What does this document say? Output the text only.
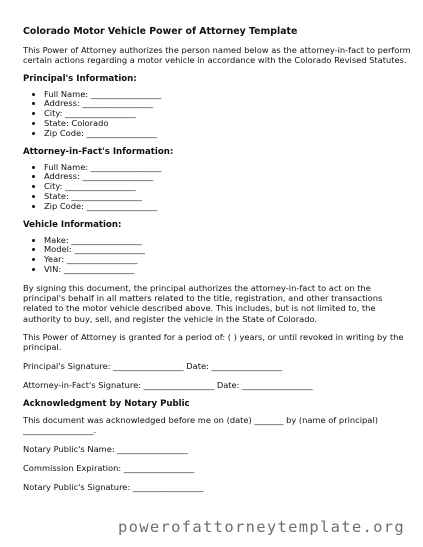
Colorado Motor Vehicle Power of Attorney Template

This Power of Attorney authorizes the person named below as the attorney-in-fact to perform certain actions regarding a motor vehicle in accordance with the Colorado Revised Statutes.

Principal's Information:
• Full Name: _________________
• Address: _________________
• City: _________________
• State: Colorado
• Zip Code: _________________
Attorney-in-Fact's Information:
• Full Name: _________________
• Address: _________________
• City: _________________
• State: _________________
• Zip Code: _________________
Vehicle Information:
• Make: _________________
• Model: _________________
• Year: _________________
• VIN: _________________

By signing this document, the principal authorizes the attorney-in-fact to act on the principal's behalf in all matters related to the title, registration, and other transactions related to the motor vehicle described above. This includes, but is not limited to, the authority to buy, sell, and register the vehicle in the State of Colorado.

This Power of Attorney is granted for a period of: ( ) years, or until revoked in writing by the principal.

Principal's Signature: _________________ Date: _________________
Attorney-in-Fact's Signature: _________________ Date: _________________
Acknowledgment by Notary Public

This document was acknowledged before me on (date) _______ by (name of principal) _________________.

Notary Public's Name: _________________
Commission Expiration: _________________
Notary Public's Signature: _________________
powerofattorneytemplate.org
